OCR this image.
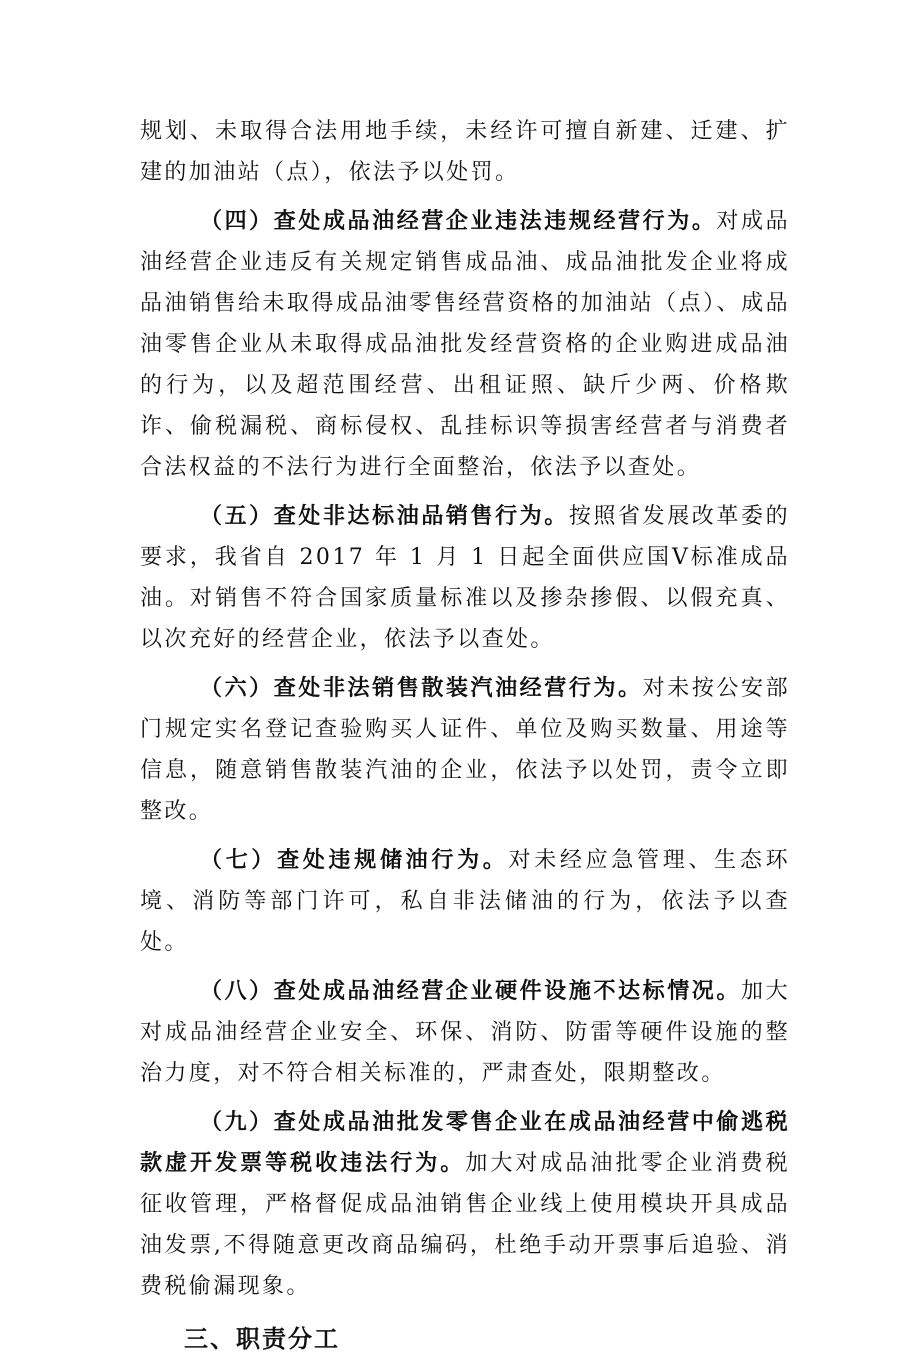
规划、未取得合法用地手续，未经许可擅自新建、迁建、扩建的加油站（点），依法予以处罚。

（四）查处成品油经营企业违法违规经营行为。对成品油经营企业违反有关规定销售成品油、成品油批发企业将成品油销售给未取得成品油零售经营资格的加油站（点）、成品油零售企业从未取得成品油批发经营资格的企业购进成品油的行为，以及超范围经营、出租证照、缺斤少两、价格欺诈、偷税漏税、商标侵权、乱挂标识等损害经营者与消费者合法权益的不法行为进行全面整治，依法予以查处。

（五）查处非达标油品销售行为。按照省发展改革委的要求，我省自 2017 年 1 月 1 日起全面供应国Ⅴ标准成品油。对销售不符合国家质量标准以及掺杂掺假、以假充真、以次充好的经营企业，依法予以查处。

（六）查处非法销售散装汽油经营行为。对未按公安部门规定实名登记查验购买人证件、单位及购买数量、用途等信息，随意销售散装汽油的企业，依法予以处罚，责令立即整改。

（七）查处违规储油行为。对未经应急管理、生态环境、消防等部门许可，私自非法储油的行为，依法予以查处。

（八）查处成品油经营企业硬件设施不达标情况。加大对成品油经营企业安全、环保、消防、防雷等硬件设施的整治力度，对不符合相关标准的，严肃查处，限期整改。

（九）查处成品油批发零售企业在成品油经营中偷逃税款虚开发票等税收违法行为。加大对成品油批零企业消费税征收管理，严格督促成品油销售企业线上使用模块开具成品油发票,不得随意更改商品编码，杜绝手动开票事后追验、消费税偷漏现象。

三、职责分工
